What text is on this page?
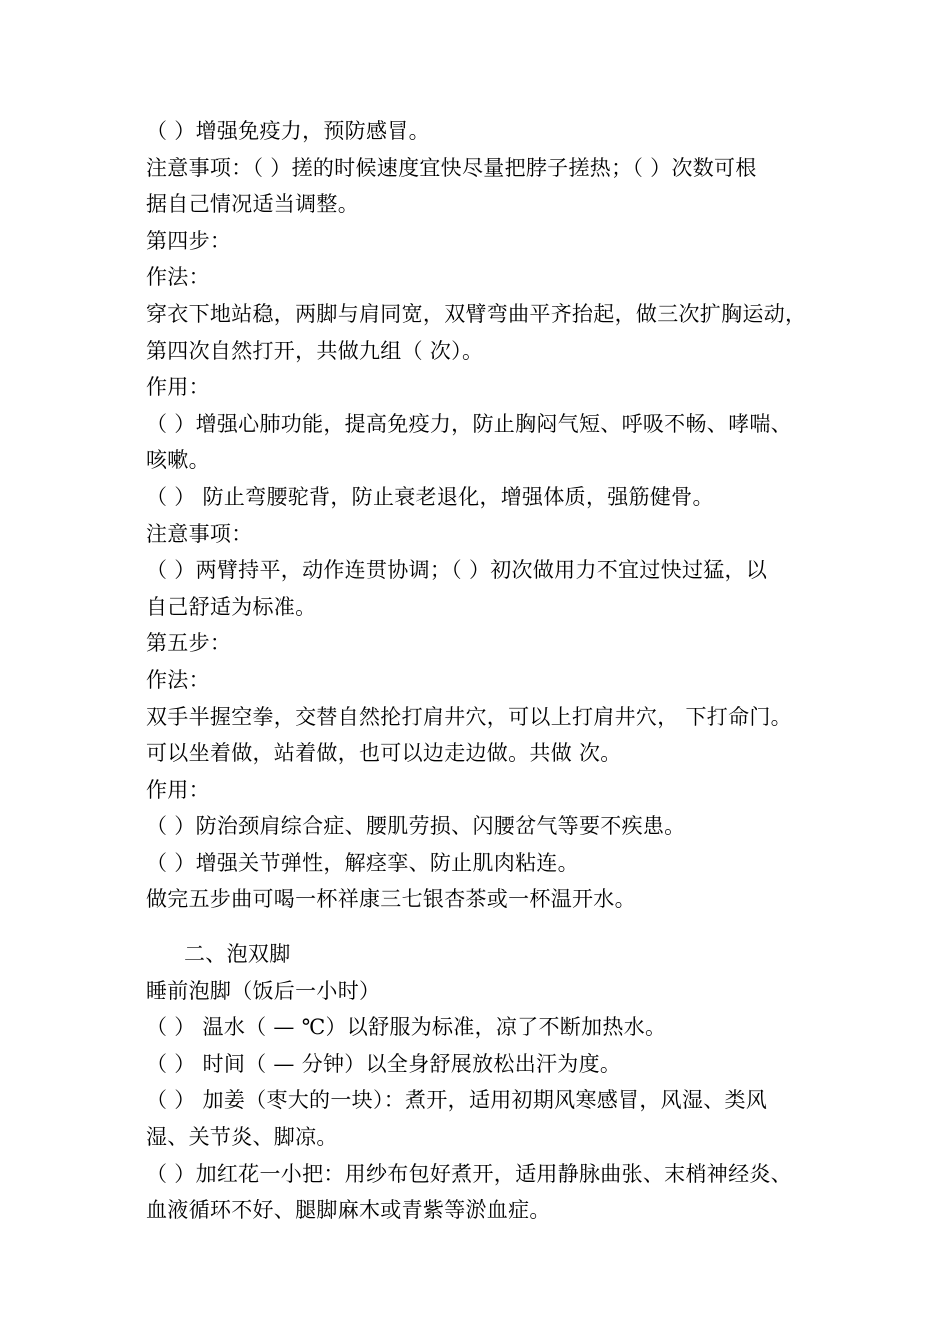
（ ）增强免疫力，预防感冒。
注意事项：（ ）搓的时候速度宜快尽量把脖子搓热；（ ）次数可根
据自己情况适当调整。
第四步：
作法：
穿衣下地站稳，两脚与肩同宽，双臂弯曲平齐抬起，做三次扩胸运动，
第四次自然打开，共做九组（ 次）。
作用：
（ ）增强心肺功能，提高免疫力，防止胸闷气短、呼吸不畅、哮喘、
咳嗽。
（ ） 防止弯腰驼背，防止衰老退化，增强体质，强筋健骨。
注意事项：
（ ）两臂持平，动作连贯协调；（ ）初次做用力不宜过快过猛，以
自己舒适为标准。
第五步：
作法：
双手半握空拳，交替自然抡打肩井穴，可以上打肩井穴， 下打命门。
可以坐着做，站着做，也可以边走边做。共做 次。
作用：
（ ）防治颈肩综合症、腰肌劳损、闪腰岔气等要不疾患。
（ ）增强关节弹性，解痉挛、防止肌肉粘连。
做完五步曲可喝一杯祥康三七银杏茶或一杯温开水。
二、泡双脚
睡前泡脚（饭后一小时）
（ ） 温水（ — ℃）以舒服为标准，凉了不断加热水。
（ ） 时间（ — 分钟）以全身舒展放松出汗为度。
（ ） 加姜（枣大的一块）：煮开，适用初期风寒感冒，风湿、类风
湿、关节炎、脚凉。
（ ）加红花一小把：用纱布包好煮开，适用静脉曲张、末梢神经炎、
血液循环不好、腿脚麻木或青紫等淤血症。
